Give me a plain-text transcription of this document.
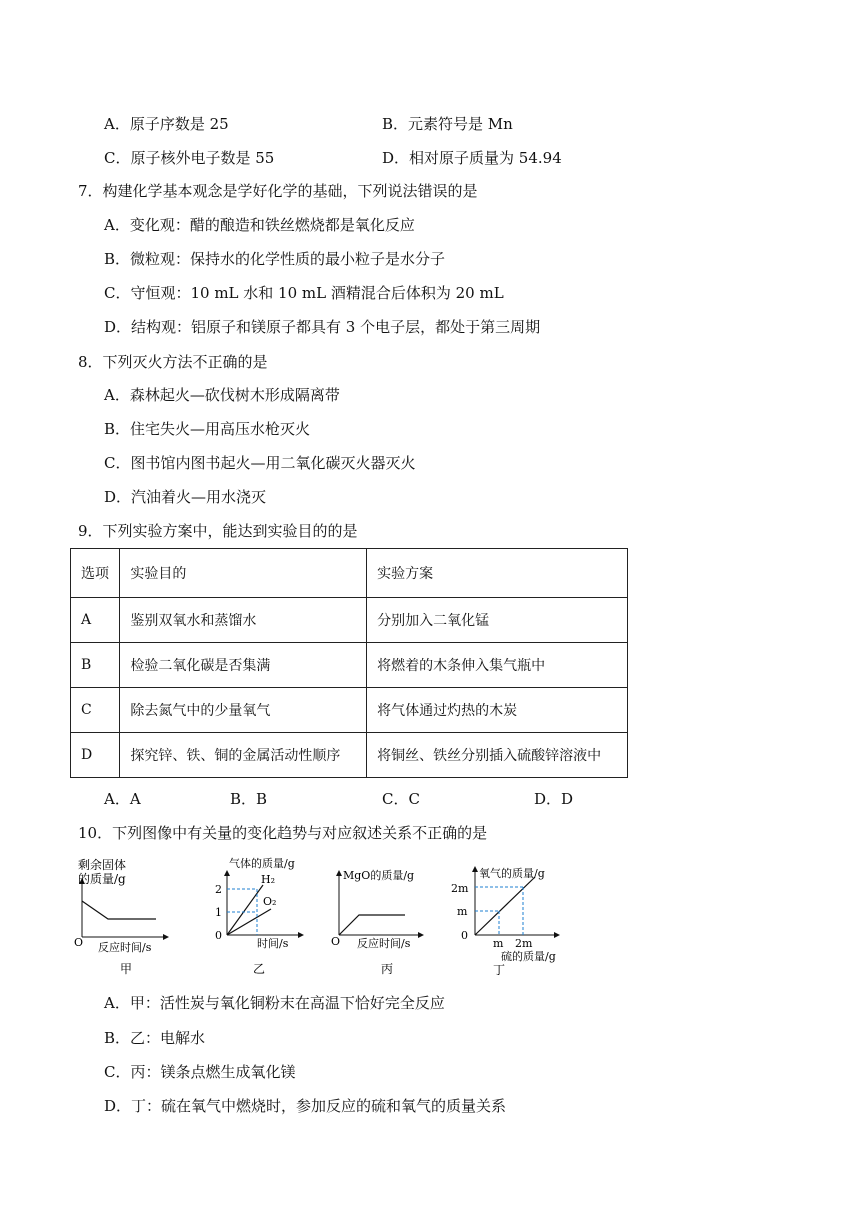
A．原子序数是 25	B．元素符号是 Mn
C．原子核外电子数是 55	D．相对原子质量为 54.94
7．构建化学基本观念是学好化学的基础，下列说法错误的是
A．变化观：醋的酿造和铁丝燃烧都是氧化反应
B．微粒观：保持水的化学性质的最小粒子是水分子
C．守恒观：10 mL 水和 10 mL 酒精混合后体积为 20 mL
D．结构观：铝原子和镁原子都具有 3 个电子层，都处于第三周期
8．下列灭火方法不正确的是
A．森林起火—砍伐树木形成隔离带
B．住宅失火—用高压水枪灭火
C．图书馆内图书起火—用二氧化碳灭火器灭火
D．汽油着火—用水浇灭
9．下列实验方案中，能达到实验目的的是
选项	实验目的	实验方案
A	鉴别双氧水和蒸馏水	分别加入二氧化锰
B	检验二氧化碳是否集满	将燃着的木条伸入集气瓶中
C	除去氮气中的少量氧气	将气体通过灼热的木炭
D	探究锌、铁、铜的金属活动性顺序	将铜丝、铁丝分别插入硫酸锌溶液中
A．A	B．B	C．C	D．D
10．下列图像中有关量的变化趋势与对应叙述关系不正确的是
剩余固体
的质量/g
O 反应时间/s
甲
气体的质量/g
2
1
0
H₂
O₂
时间/s
乙
MgO的质量/g
O 反应时间/s
丙
氧气的质量/g
2m
m
0
m 2m
硫的质量/g
丁
A．甲：活性炭与氧化铜粉末在高温下恰好完全反应
B．乙：电解水
C．丙：镁条点燃生成氧化镁
D．丁：硫在氧气中燃烧时，参加反应的硫和氧气的质量关系
